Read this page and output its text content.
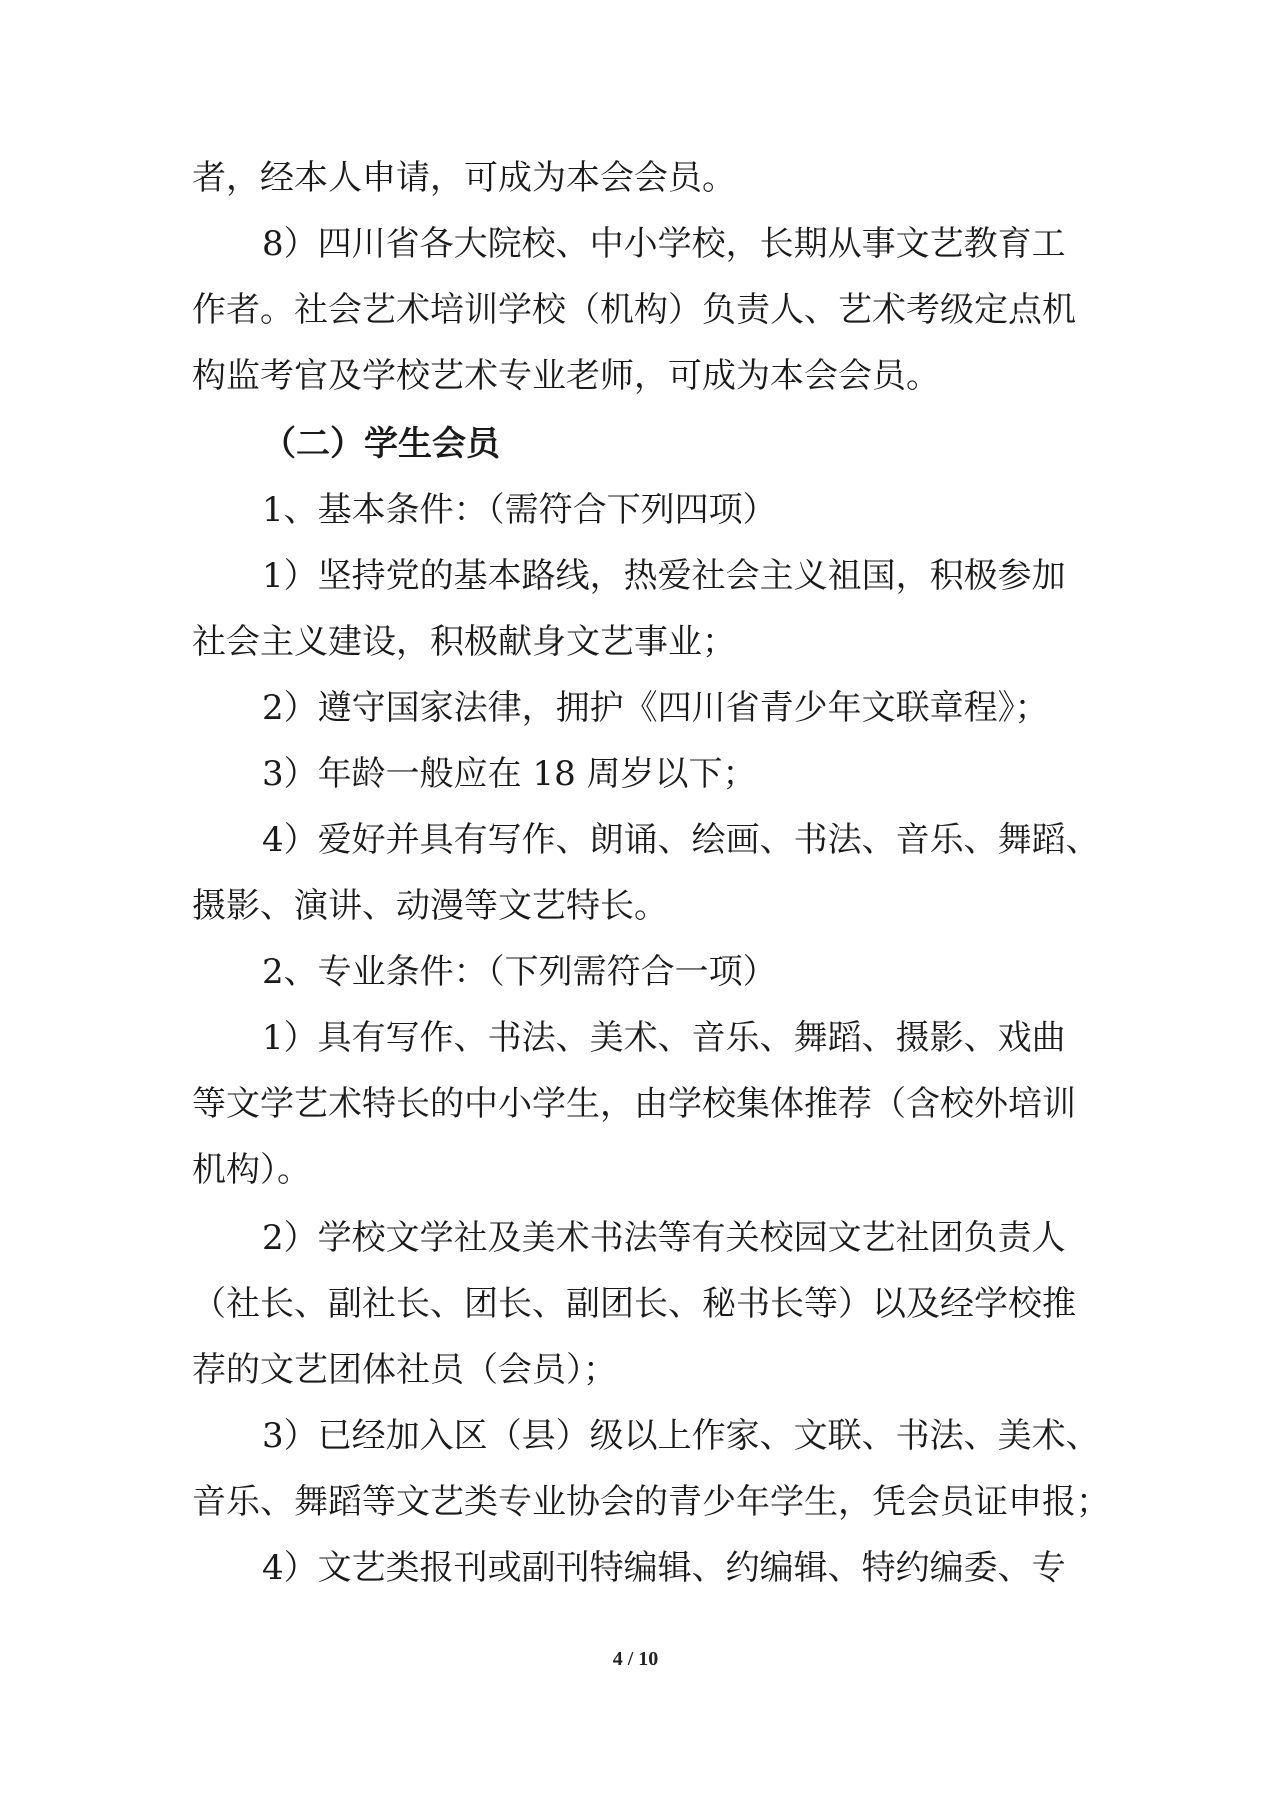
者，经本人申请，可成为本会会员。
8）四川省各大院校、中小学校，长期从事文艺教育工
作者。社会艺术培训学校（机构）负责人、艺术考级定点机
构监考官及学校艺术专业老师，可成为本会会员。
（二）学生会员
1、基本条件：（需符合下列四项）
1）坚持党的基本路线，热爱社会主义祖国，积极参加
社会主义建设，积极献身文艺事业；
2）遵守国家法律，拥护《四川省青少年文联章程》；
3）年龄一般应在 18 周岁以下；
4）爱好并具有写作、朗诵、绘画、书法、音乐、舞蹈、
摄影、演讲、动漫等文艺特长。
2、专业条件：（下列需符合一项）
1）具有写作、书法、美术、音乐、舞蹈、摄影、戏曲
等文学艺术特长的中小学生，由学校集体推荐（含校外培训
机构）。
2）学校文学社及美术书法等有关校园文艺社团负责人
（社长、副社长、团长、副团长、秘书长等）以及经学校推
荐的文艺团体社员（会员）；
3）已经加入区（县）级以上作家、文联、书法、美术、
音乐、舞蹈等文艺类专业协会的青少年学生，凭会员证申报；
4）文艺类报刊或副刊特编辑、约编辑、特约编委、专
4 / 10
